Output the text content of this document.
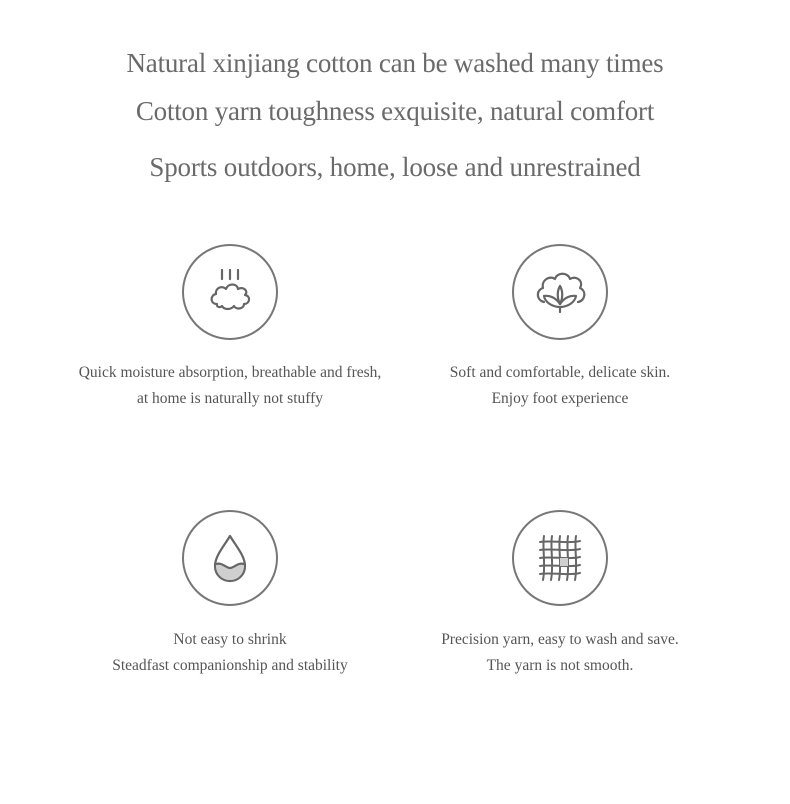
Natural xinjiang cotton can be washed many times
Cotton yarn toughness exquisite, natural comfort
Sports outdoors, home, loose and unrestrained
Quick moisture absorption, breathable and fresh,
at home is naturally not stuffy
Soft and comfortable, delicate skin.
Enjoy foot experience
Not easy to shrink
Steadfast companionship and stability
Precision yarn, easy to wash and save.
The yarn is not smooth.
